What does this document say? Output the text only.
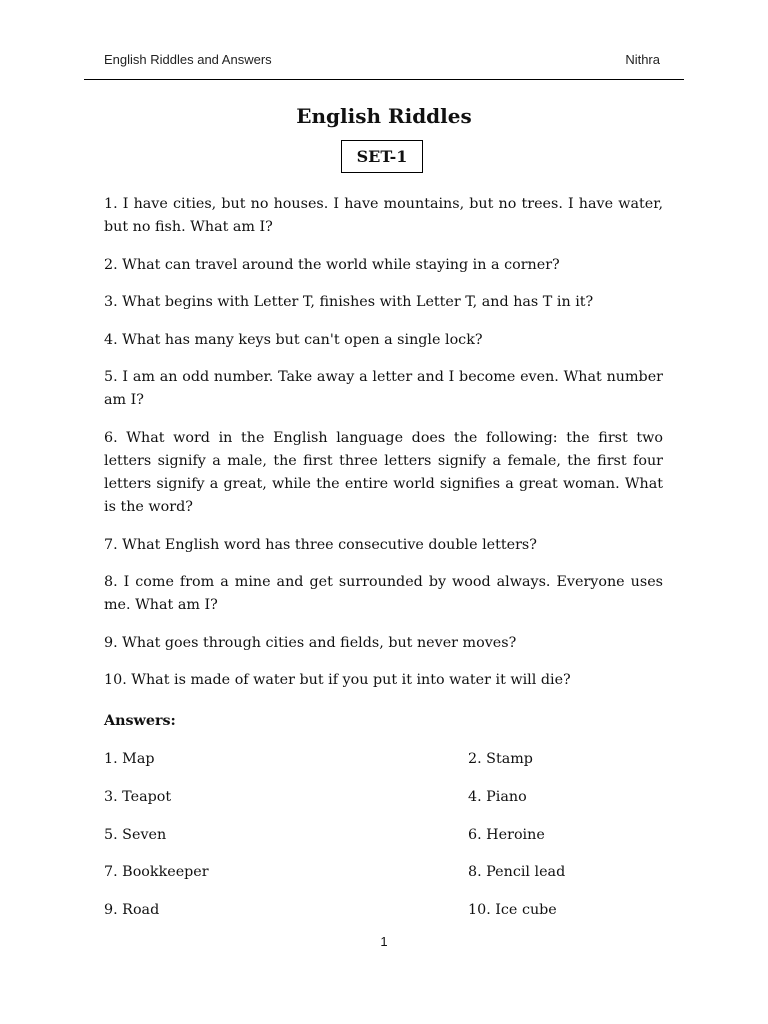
English Riddles and Answers	Nithra
English Riddles
SET-1

1. I have cities, but no houses. I have mountains, but no trees. I have water, but no fish. What am I?

2. What can travel around the world while staying in a corner?

3. What begins with Letter T, finishes with Letter T, and has T in it?

4. What has many keys but can't open a single lock?

5. I am an odd number. Take away a letter and I become even. What number am I?

6. What word in the English language does the following: the first two letters signify a male, the first three letters signify a female, the first four letters signify a great, while the entire world signifies a great woman. What is the word?

7. What English word has three consecutive double letters?

8. I come from a mine and get surrounded by wood always. Everyone uses me. What am I?

9. What goes through cities and fields, but never moves?

10. What is made of water but if you put it into water it will die?

Answers:
1. Map	2. Stamp
3. Teapot	4. Piano
5. Seven	6. Heroine
7. Bookkeeper	8. Pencil lead
9. Road	10. Ice cube
1
